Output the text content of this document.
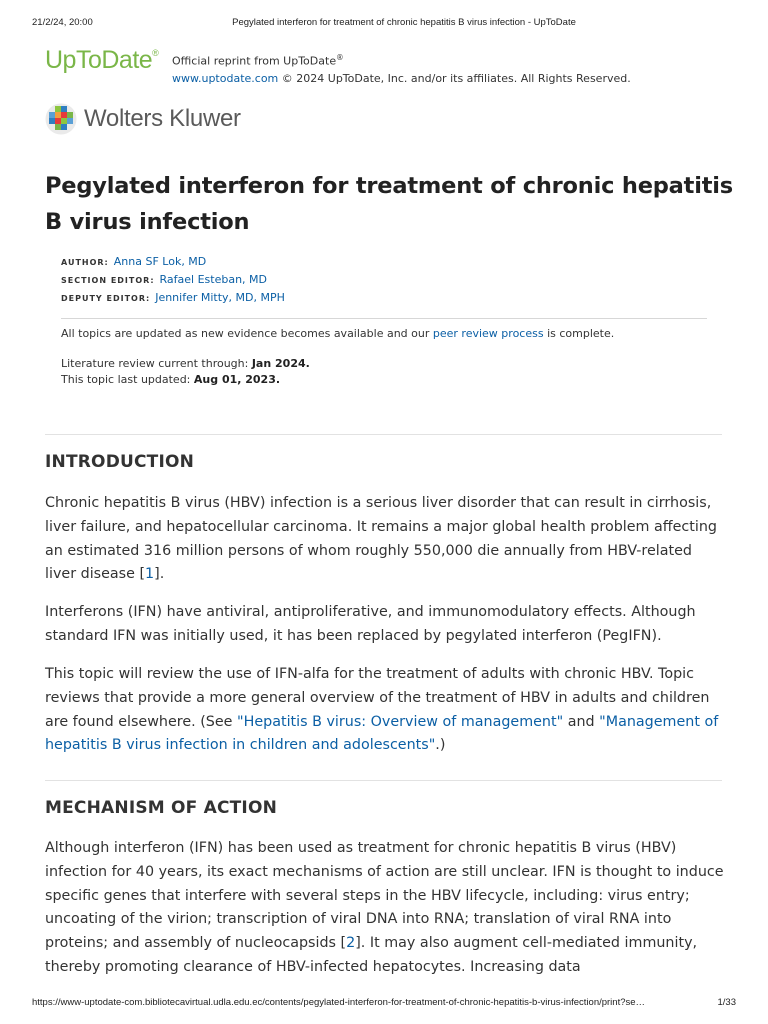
21/2/24, 20:00	Pegylated interferon for treatment of chronic hepatitis B virus infection - UpToDate
UpToDate®
Official reprint from UpToDate®
www.uptodate.com © 2024 UpToDate, Inc. and/or its affiliates. All Rights Reserved.
Wolters Kluwer
Pegylated interferon for treatment of chronic hepatitis B virus infection
AUTHOR: Anna SF Lok, MD
SECTION EDITOR: Rafael Esteban, MD
DEPUTY EDITOR: Jennifer Mitty, MD, MPH
All topics are updated as new evidence becomes available and our peer review process is complete.
Literature review current through: Jan 2024.
This topic last updated: Aug 01, 2023.
INTRODUCTION

Chronic hepatitis B virus (HBV) infection is a serious liver disorder that can result in cirrhosis, liver failure, and hepatocellular carcinoma. It remains a major global health problem affecting an estimated 316 million persons of whom roughly 550,000 die annually from HBV-related liver disease [1].

Interferons (IFN) have antiviral, antiproliferative, and immunomodulatory effects. Although standard IFN was initially used, it has been replaced by pegylated interferon (PegIFN).

This topic will review the use of IFN-alfa for the treatment of adults with chronic HBV. Topic reviews that provide a more general overview of the treatment of HBV in adults and children are found elsewhere. (See "Hepatitis B virus: Overview of management" and "Management of hepatitis B virus infection in children and adolescents".)

MECHANISM OF ACTION

Although interferon (IFN) has been used as treatment for chronic hepatitis B virus (HBV) infection for 40 years, its exact mechanisms of action are still unclear. IFN is thought to induce specific genes that interfere with several steps in the HBV lifecycle, including: virus entry; uncoating of the virion; transcription of viral DNA into RNA; translation of viral RNA into proteins; and assembly of nucleocapsids [2]. It may also augment cell-mediated immunity, thereby promoting clearance of HBV-infected hepatocytes. Increasing data

https://www-uptodate-com.bibliotecavirtual.udla.edu.ec/contents/pegylated-interferon-for-treatment-of-chronic-hepatitis-b-virus-infection/print?se…	1/33
